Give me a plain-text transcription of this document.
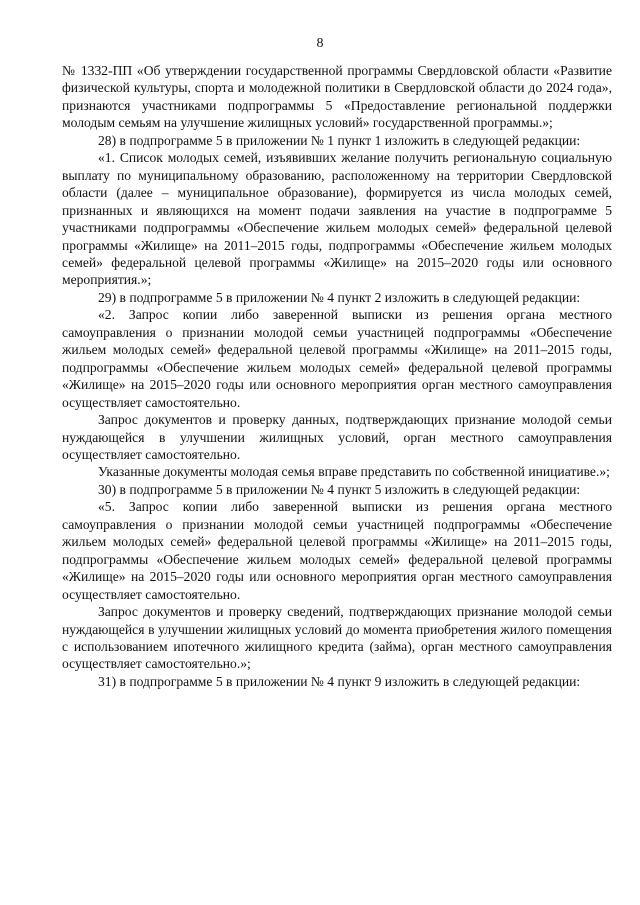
8

№ 1332-ПП «Об утверждении государственной программы Свердловской области «Развитие физической культуры, спорта и молодежной политики в Свердловской области до 2024 года», признаются участниками подпрограммы 5 «Предоставление региональной поддержки молодым семьям на улучшение жилищных условий» государственной программы.»;

28) в подпрограмме 5 в приложении № 1 пункт 1 изложить в следующей редакции:

«1. Список молодых семей, изъявивших желание получить региональную социальную выплату по муниципальному образованию, расположенному на территории Свердловской области (далее – муниципальное образование), формируется из числа молодых семей, признанных и являющихся на момент подачи заявления на участие в подпрограмме 5 участниками подпрограммы «Обеспечение жильем молодых семей» федеральной целевой программы «Жилище» на 2011–2015 годы, подпрограммы «Обеспечение жильем молодых семей» федеральной целевой программы «Жилище» на 2015–2020 годы или основного мероприятия.»;

29) в подпрограмме 5 в приложении № 4 пункт 2 изложить в следующей редакции:

«2. Запрос копии либо заверенной выписки из решения органа местного самоуправления о признании молодой семьи участницей подпрограммы «Обеспечение жильем молодых семей» федеральной целевой программы «Жилище» на 2011–2015 годы, подпрограммы «Обеспечение жильем молодых семей» федеральной целевой программы «Жилище» на 2015–2020 годы или основного мероприятия орган местного самоуправления осуществляет самостоятельно.

Запрос документов и проверку данных, подтверждающих признание молодой семьи нуждающейся в улучшении жилищных условий, орган местного самоуправления осуществляет самостоятельно.

Указанные документы молодая семья вправе представить по собственной инициативе.»;

30) в подпрограмме 5 в приложении № 4 пункт 5 изложить в следующей редакции:

«5. Запрос копии либо заверенной выписки из решения органа местного самоуправления о признании молодой семьи участницей подпрограммы «Обеспечение жильем молодых семей» федеральной целевой программы «Жилище» на 2011–2015 годы, подпрограммы «Обеспечение жильем молодых семей» федеральной целевой программы «Жилище» на 2015–2020 годы или основного мероприятия орган местного самоуправления осуществляет самостоятельно.

Запрос документов и проверку сведений, подтверждающих признание молодой семьи нуждающейся в улучшении жилищных условий до момента приобретения жилого помещения с использованием ипотечного жилищного кредита (займа), орган местного самоуправления осуществляет самостоятельно.»;

31) в подпрограмме 5 в приложении № 4 пункт 9 изложить в следующей редакции:
